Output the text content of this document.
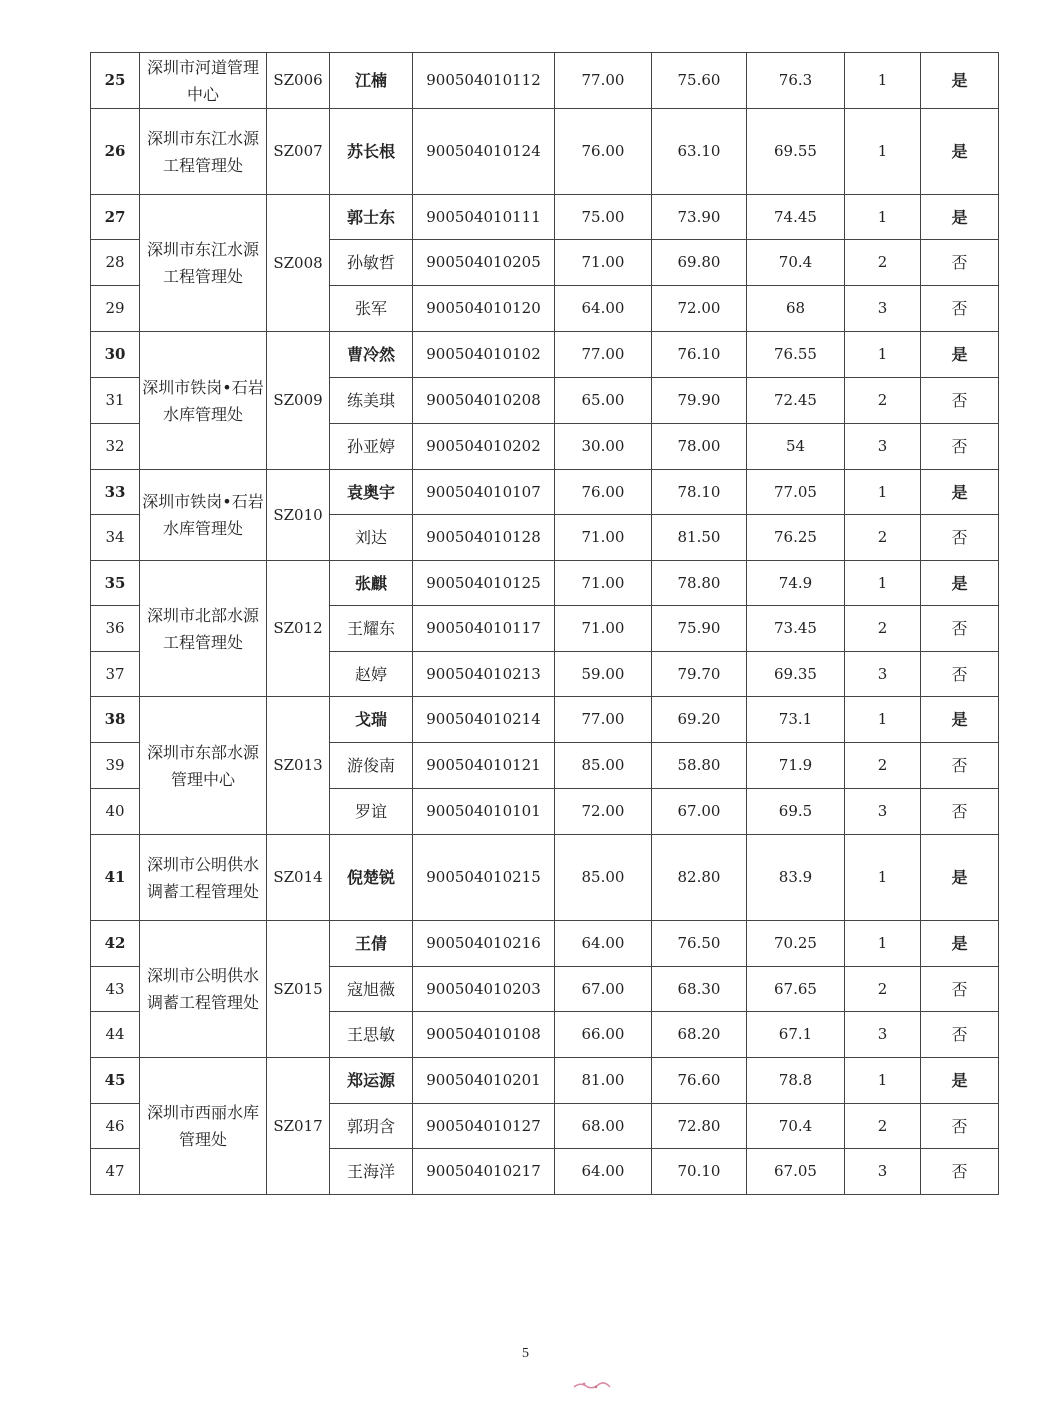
25	深圳市河道管理中心	SZ006	江楠	900504010112	77.00	75.60	76.3	1	是
26	深圳市东江水源工程管理处	SZ007	苏长根	900504010124	76.00	63.10	69.55	1	是
27	深圳市东江水源工程管理处	SZ008	郭士东	900504010111	75.00	73.90	74.45	1	是
28			孙敏哲	900504010205	71.00	69.80	70.4	2	否
29			张军	900504010120	64.00	72.00	68	3	否
30	深圳市铁岗•石岩水库管理处	SZ009	曹冷然	900504010102	77.00	76.10	76.55	1	是
31			练美琪	900504010208	65.00	79.90	72.45	2	否
32			孙亚婷	900504010202	30.00	78.00	54	3	否
33	深圳市铁岗•石岩水库管理处	SZ010	袁奥宇	900504010107	76.00	78.10	77.05	1	是
34			刘达	900504010128	71.00	81.50	76.25	2	否
35	深圳市北部水源工程管理处	SZ012	张麒	900504010125	71.00	78.80	74.9	1	是
36			王耀东	900504010117	71.00	75.90	73.45	2	否
37			赵婷	900504010213	59.00	79.70	69.35	3	否
38	深圳市东部水源管理中心	SZ013	戈瑞	900504010214	77.00	69.20	73.1	1	是
39			游俊南	900504010121	85.00	58.80	71.9	2	否
40			罗谊	900504010101	72.00	67.00	69.5	3	否
41	深圳市公明供水调蓄工程管理处	SZ014	倪楚锐	900504010215	85.00	82.80	83.9	1	是
42	深圳市公明供水调蓄工程管理处	SZ015	王倩	900504010216	64.00	76.50	70.25	1	是
43			寇旭薇	900504010203	67.00	68.30	67.65	2	否
44			王思敏	900504010108	66.00	68.20	67.1	3	否
45	深圳市西丽水库管理处	SZ017	郑运源	900504010201	81.00	76.60	78.8	1	是
46			郭玥含	900504010127	68.00	72.80	70.4	2	否
47			王海洋	900504010217	64.00	70.10	67.05	3	否
5
